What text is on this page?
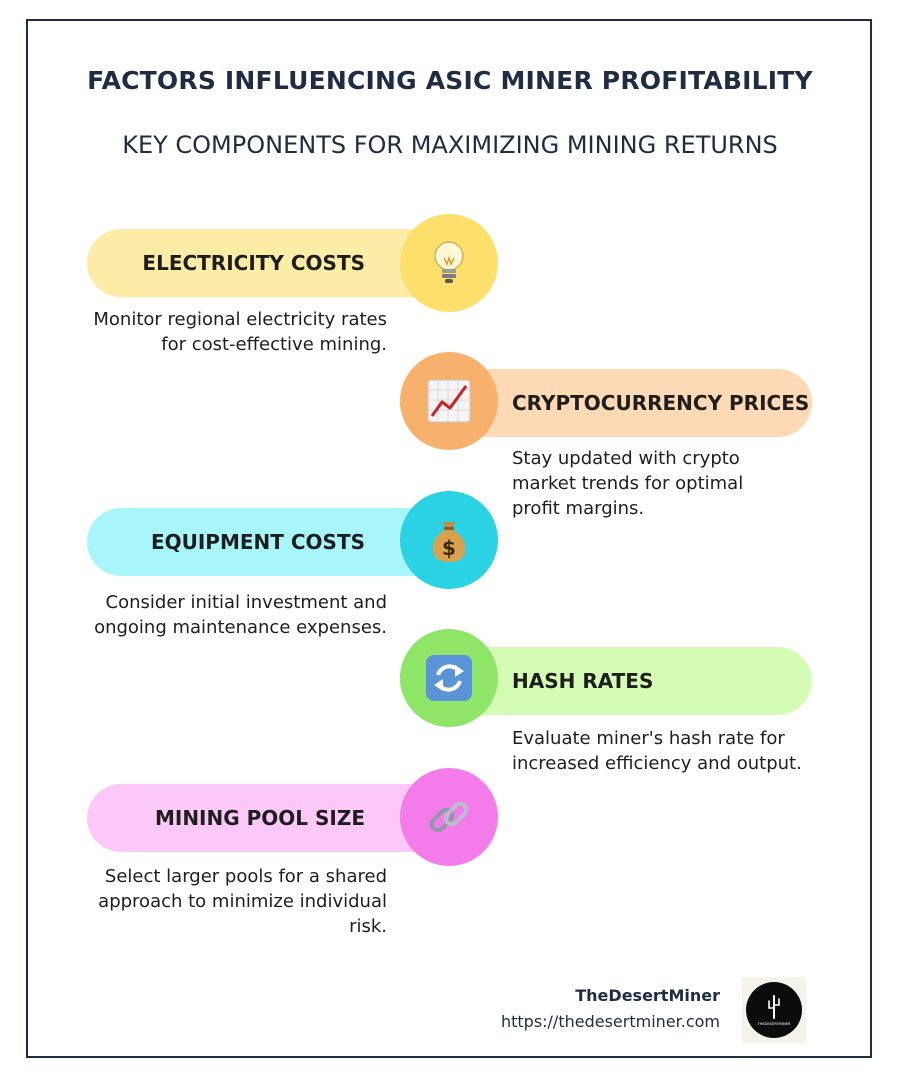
FACTORS INFLUENCING ASIC MINER PROFITABILITY
KEY COMPONENTS FOR MAXIMIZING MINING RETURNS
ELECTRICITY COSTS

Monitor regional electricity rates for cost-effective mining.

CRYPTOCURRENCY PRICES

Stay updated with crypto market trends for optimal profit margins.

EQUIPMENT COSTS	$

Consider initial investment and ongoing maintenance expenses.

HASH RATES

Evaluate miner's hash rate for increased efficiency and output.

MINING POOL SIZE

Select larger pools for a shared approach to minimize individual risk.

TheDesertMiner
https://thedesertminer.com	THEDESERTMINER
